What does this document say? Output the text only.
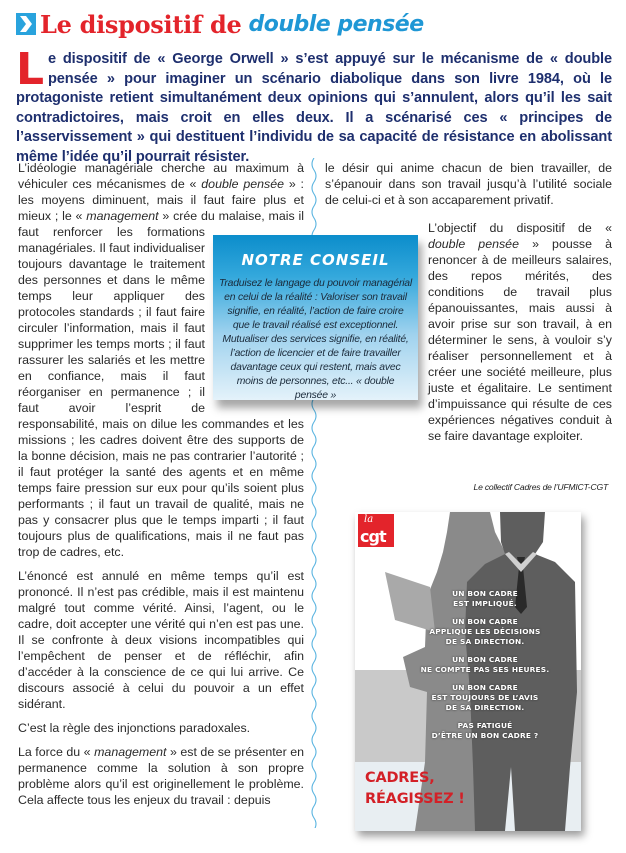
Le dispositif de double pensée
L e dispositif de « George Orwell » s’est appuyé sur le mécanisme de « double pensée » pour imaginer un scénario diabolique dans son livre 1984, où le protagoniste retient simultanément deux opinions qui s’annulent, alors qu’il les sait contradictoires, mais croit en elles deux. Il a scénarisé ces « principes de l’asservissement » qui destituent l’individu de sa capacité de résistance en abolissant même l’idée qu’il pourrait résister.

L’idéologie managériale cherche au maximum à véhiculer ces mécanismes de « double pensée » : les moyens diminuent, mais il faut faire plus et mieux ; le « management » crée du malaise, mais il faut renforcer les formations managériales. Il faut individualiser toujours davantage le traitement des personnes et dans le même temps leur appliquer des protocoles standards ; il faut faire circuler l’information, mais il faut supprimer les temps morts ; il faut rassurer les salariés et les mettre en confiance, mais il faut réorganiser en permanence ; il faut avoir l’esprit de responsabilité, mais on dilue les commandes et les missions ; les cadres doivent être des supports de la bonne décision, mais ne pas contrarier l’autorité ; il faut protéger la santé des agents et en même temps faire pression sur eux pour qu’ils soient plus performants ; il faut un travail de qualité, mais ne pas y consacrer plus que le temps imparti ; il faut toujours plus de qualifications, mais il ne faut pas trop de cadres, etc.

L’énoncé est annulé en même temps qu’il est prononcé. Il n’est pas crédible, mais il est maintenu malgré tout comme vérité. Ainsi, l’agent, ou le cadre, doit accepter une vérité qui n’en est pas une. Il se confronte à deux visions incompatibles qui l’empêchent de penser et de réfléchir, afin d’accéder à la conscience de ce qui lui arrive. Ce discours associé à celui du pouvoir a un effet sidérant.

C’est la règle des injonctions paradoxales.

La force du « management » est de se présenter en permanence comme la solution à son propre problème alors qu’il est originellement le problème. Cela affecte tous les enjeux du travail : depuis

le désir qui anime chacun de bien travailler, de s’épanouir dans son travail jusqu’à l’utilité sociale de celui-ci et à son accaparement privatif.

L’objectif du dispositif de « double pensée » pousse à renoncer à de meilleurs salaires, des repos mérités, des conditions de travail plus épanouissantes, mais aussi à avoir prise sur son travail, à en déterminer le sens, à vouloir s’y réaliser personnellement et à créer une société meilleure, plus juste et égalitaire. Le sentiment d’impuissance qui résulte de ces expériences négatives conduit à se faire davantage exploiter.

NOTRE CONSEIL
Traduisez le langage du pouvoir managérial en celui de la réalité : Valoriser son travail signifie, en réalité, l’action de faire croire que le travail réalisé est exceptionnel. Mutualiser des services signifie, en réalité, l’action de licencier et de faire travailler davantage ceux qui restent, mais avec moins de personnes, etc... « double pensée »
Le collectif Cadres de l’UFMICT-CGT
la
cgt
UN BON CADRE
EST IMPLIQUÉ.
UN BON CADRE
APPLIQUE LES DÉCISIONS
DE SA DIRECTION.
UN BON CADRE
NE COMPTE PAS SES HEURES.
UN BON CADRE
EST TOUJOURS DE L’AVIS
DE SA DIRECTION.
PAS FATIGUÉ
D’ÊTRE UN BON CADRE ?
CADRES,
RÉAGISSEZ !
